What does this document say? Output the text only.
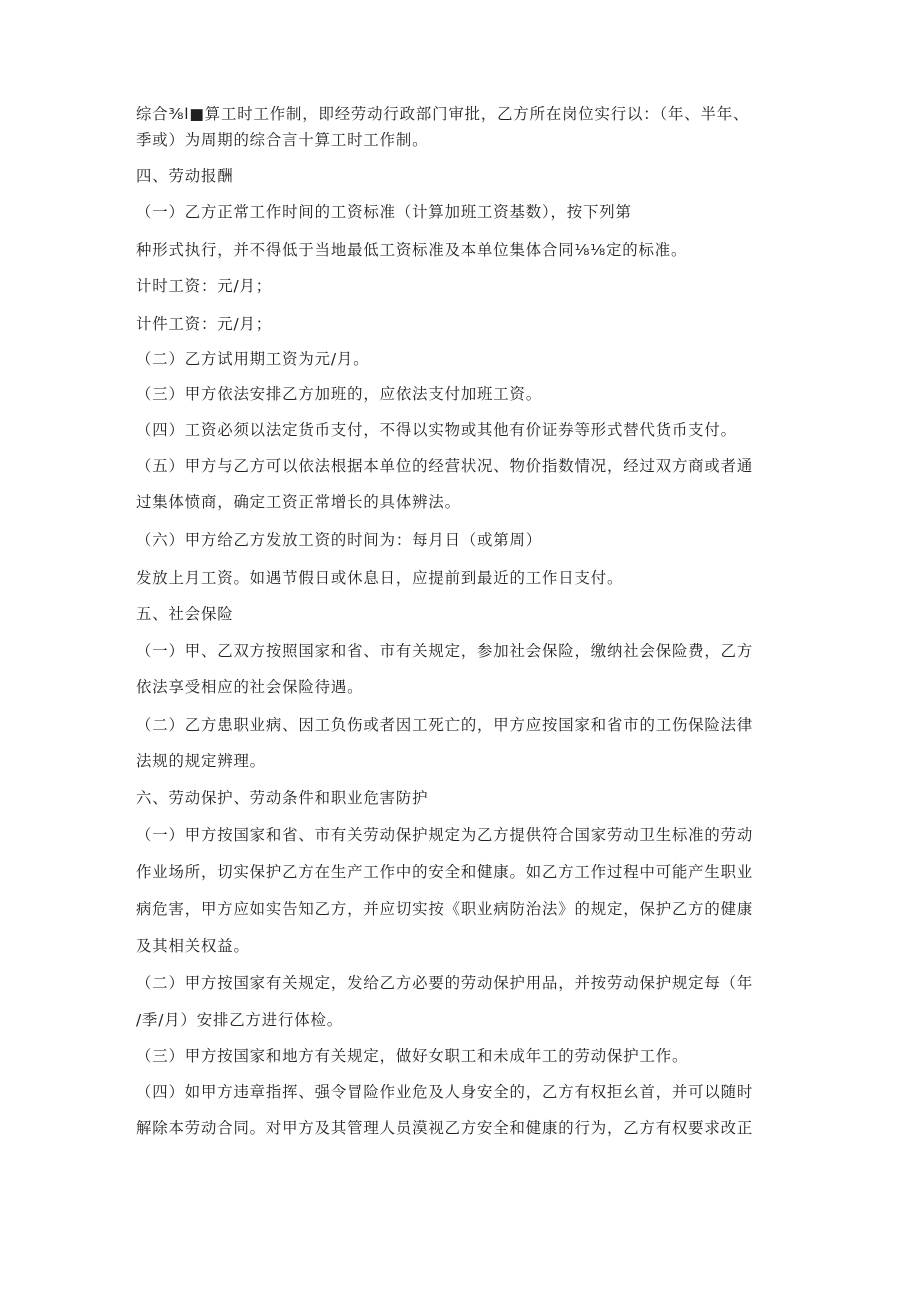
综合⅜l■算工时工作制，即经劳动行政部门审批，乙方所在岗位实行以：（年、半年、
季或）为周期的综合言十算工时工作制。
四、劳动报酬
（一）乙方正常工作时间的工资标准（计算加班工资基数），按下列第
种形式执行，并不得低于当地最低工资标准及本单位集体合同⅛⅛定的标准。
计时工资：元/月；
计件工资：元/月；
（二）乙方试用期工资为元/月。
（三）甲方依法安排乙方加班的，应依法支付加班工资。
（四）工资必须以法定货币支付，不得以实物或其他有价证券等形式替代货币支付。
（五）甲方与乙方可以依法根据本单位的经营状况、物价指数情况，经过双方商或者通
过集体愤商，确定工资正常增长的具体辨法。
（六）甲方给乙方发放工资的时间为：每月日（或第周）
发放上月工资。如遇节假日或休息日，应提前到最近的工作日支付。
五、社会保险
（一）甲、乙双方按照国家和省、市有关规定，参加社会保险，缴纳社会保险费，乙方
依法享受相应的社会保险待遇。
（二）乙方患职业病、因工负伤或者因工死亡的，甲方应按国家和省市的工伤保险法律
法规的规定辨理。
六、劳动保护、劳动条件和职业危害防护
（一）甲方按国家和省、市有关劳动保护规定为乙方提供符合国家劳动卫生标准的劳动
作业场所，切实保护乙方在生产工作中的安全和健康。如乙方工作过程中可能产生职业
病危害，甲方应如实告知乙方，并应切实按《职业病防治法》的规定，保护乙方的健康
及其相关权益。
（二）甲方按国家有关规定，发给乙方必要的劳动保护用品，并按劳动保护规定每（年
/季/月）安排乙方进行体检。
（三）甲方按国家和地方有关规定，做好女职工和未成年工的劳动保护工作。
（四）如甲方违章指挥、强令冒险作业危及人身安全的，乙方有权拒幺首，并可以随时
解除本劳动合同。对甲方及其管理人员漠视乙方安全和健康的行为，乙方有权要求改正
